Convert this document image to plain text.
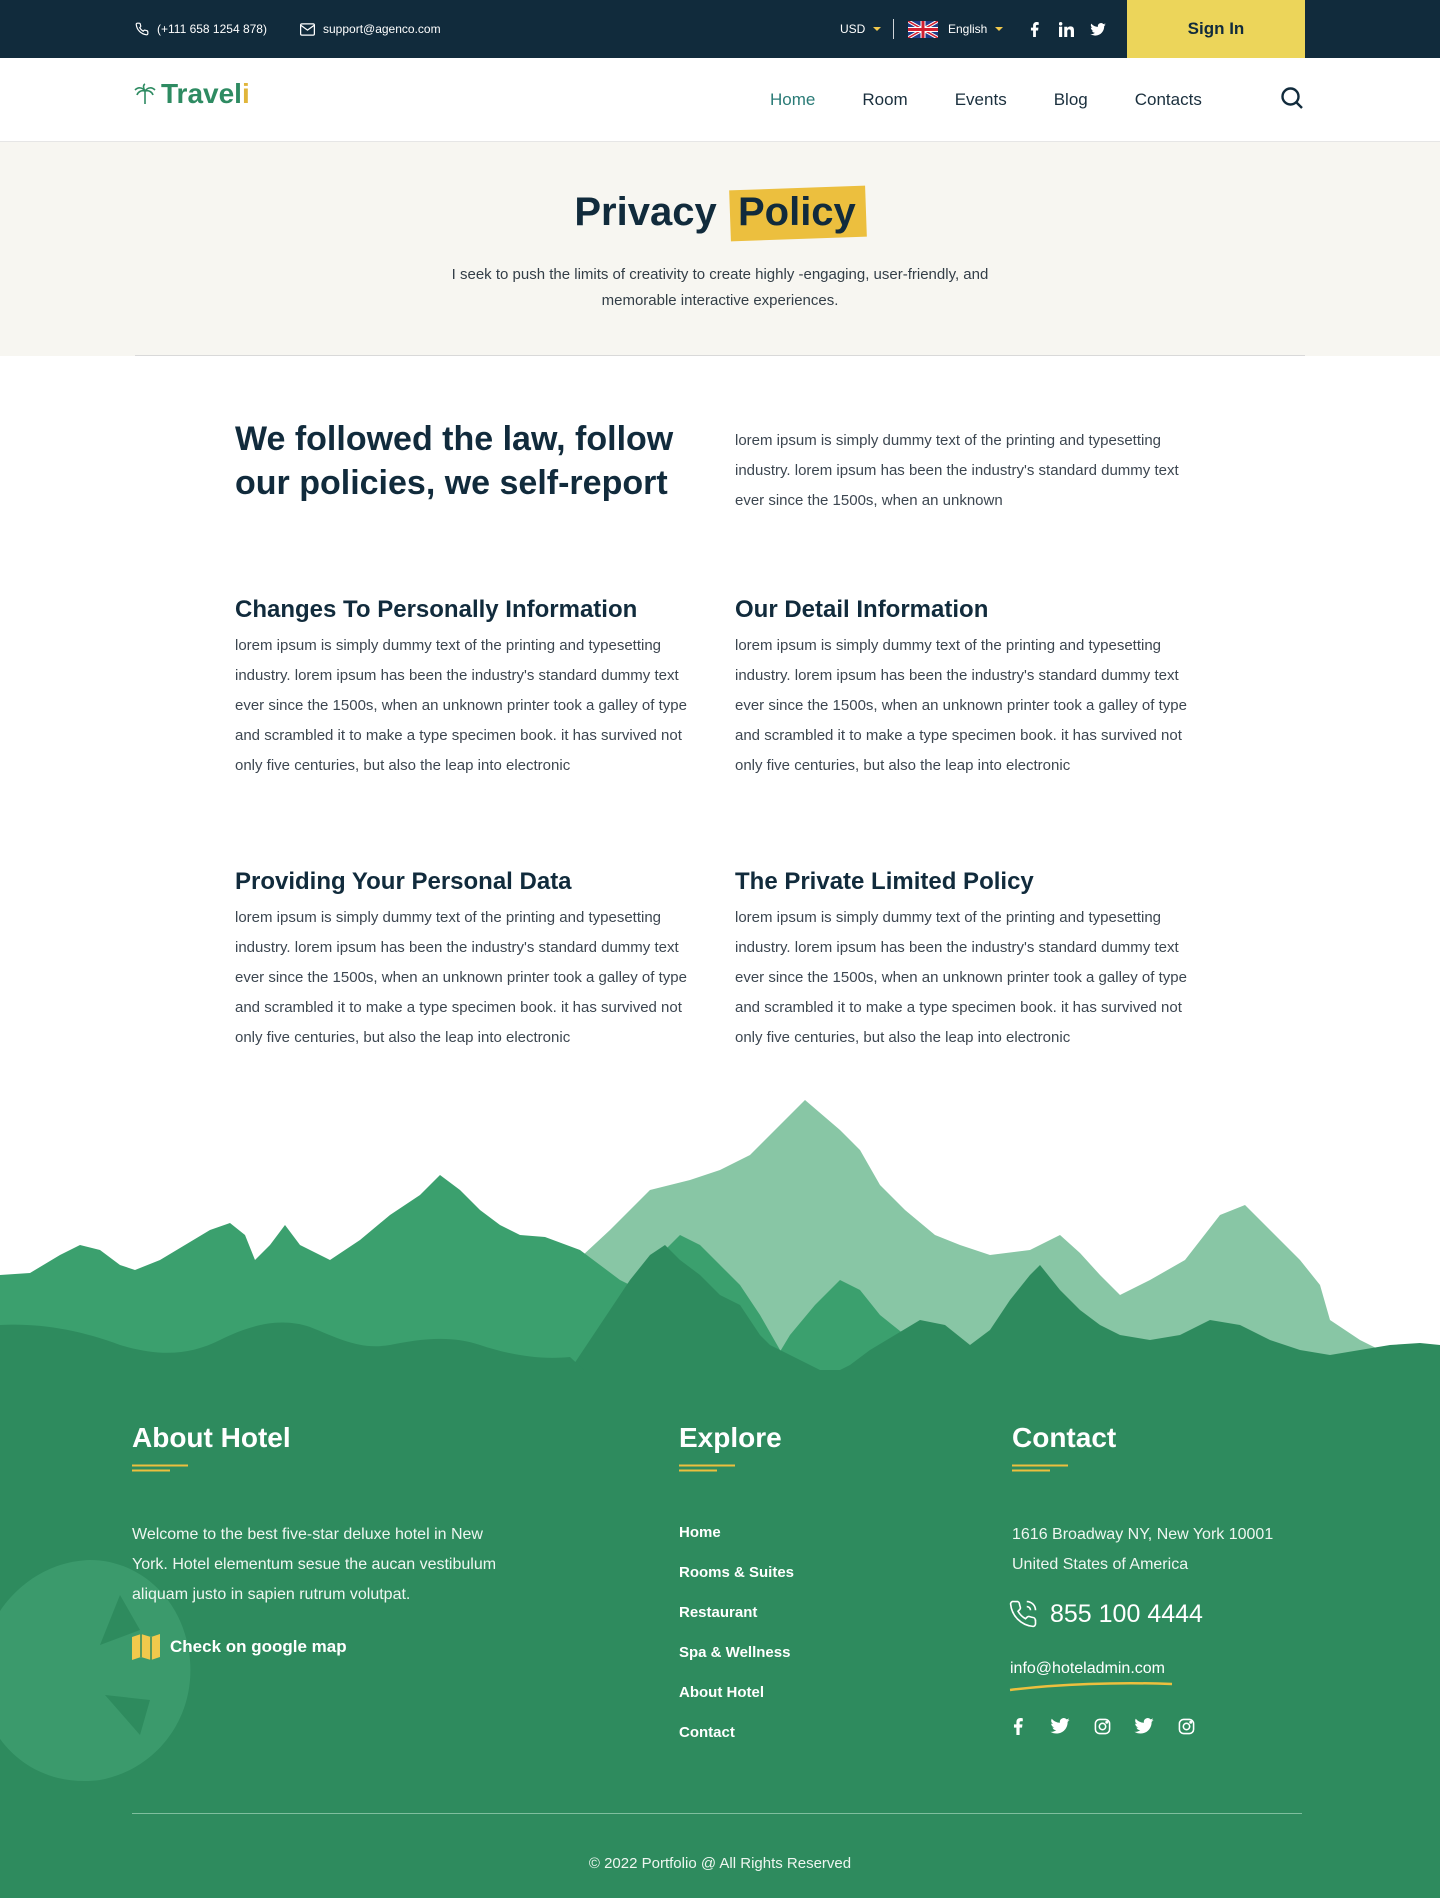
(+111 658 1254 878)	support@agenco.com	USD	English	Sign In
Travel i	Home	Room	Events	Blog	Contacts
Privacy Policy
I seek to push the limits of creativity to create highly -engaging, user-friendly, and memorable interactive experiences.
We followed the law, follow our policies, we self-report
lorem ipsum is simply dummy text of the printing and typesetting industry. lorem ipsum has been the industry's standard dummy text ever since the 1500s, when an unknown
Changes To Personally Information

lorem ipsum is simply dummy text of the printing and typesetting industry. lorem ipsum has been the industry's standard dummy text ever since the 1500s, when an unknown printer took a galley of type and scrambled it to make a type specimen book. it has survived not only five centuries, but also the leap into electronic

Our Detail Information

lorem ipsum is simply dummy text of the printing and typesetting industry. lorem ipsum has been the industry's standard dummy text ever since the 1500s, when an unknown printer took a galley of type and scrambled it to make a type specimen book. it has survived not only five centuries, but also the leap into electronic

Providing Your Personal Data

lorem ipsum is simply dummy text of the printing and typesetting industry. lorem ipsum has been the industry's standard dummy text ever since the 1500s, when an unknown printer took a galley of type and scrambled it to make a type specimen book. it has survived not only five centuries, but also the leap into electronic

The Private Limited Policy

lorem ipsum is simply dummy text of the printing and typesetting industry. lorem ipsum has been the industry's standard dummy text ever since the 1500s, when an unknown printer took a galley of type and scrambled it to make a type specimen book. it has survived not only five centuries, but also the leap into electronic

About Hotel
Welcome to the best five-star deluxe hotel in New York. Hotel elementum sesue the aucan vestibulum aliquam justo in sapien rutrum volutpat.
Check on google map
Explore
Home
Rooms & Suites
Restaurant
Spa & Wellness
About Hotel
Contact
Contact
1616 Broadway NY, New York 10001
United States of America
855 100 4444
info@hoteladmin.com
© 2022 Portfolio @ All Rights Reserved
